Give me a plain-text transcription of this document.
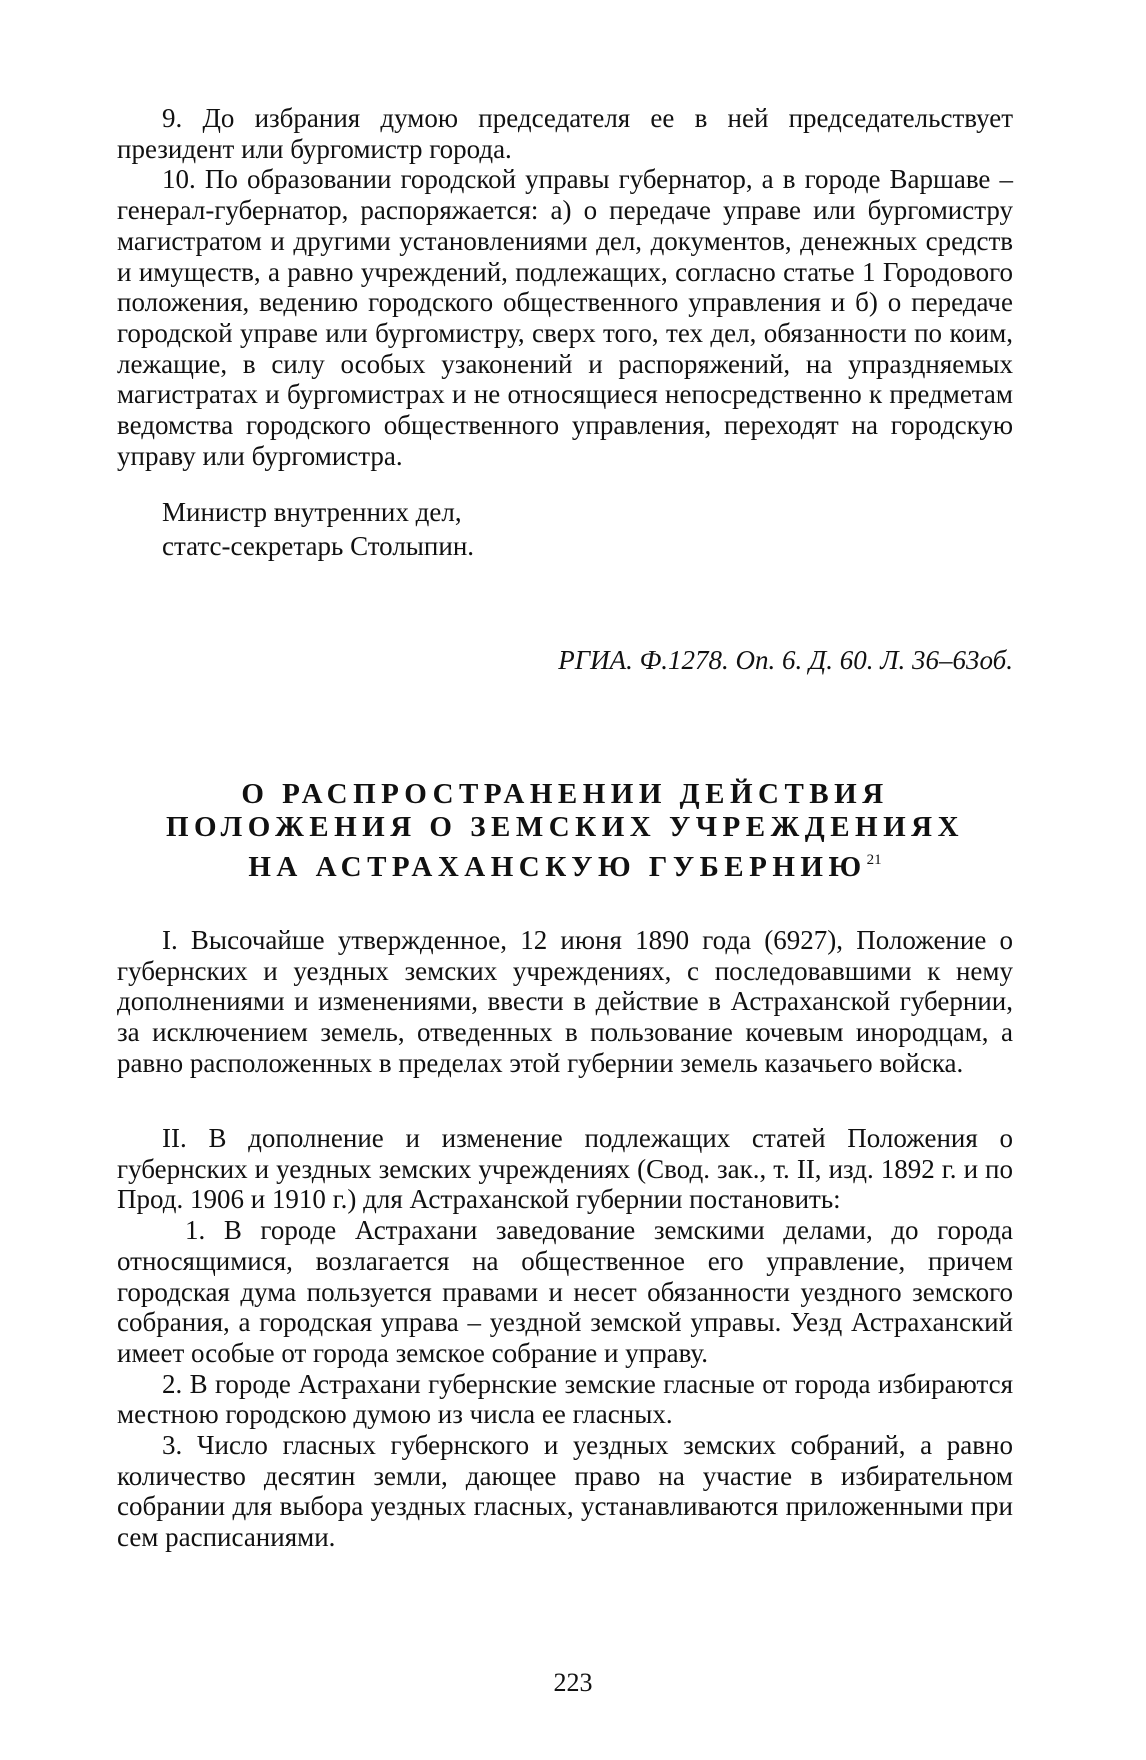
9. До избрания думою председателя ее в ней председательствует президент или бургомистр города.

10. По образовании городской управы губернатор, а в городе Варшаве – генерал-губернатор, распоряжается: а) о передаче управе или бургомистру магистратом и другими установлениями дел, документов, денежных средств и имуществ, а равно учреждений, подлежащих, согласно статье 1 Городового положения, ведению городского общественного управления и б) о передаче городской управе или бургомистру, сверх того, тех дел, обязанности по коим, лежащие, в силу особых узаконений и распоряжений, на упраздняемых магистратах и бургомистрах и не относящиеся непосредственно к предметам ведомства городского общественного управления, переходят на городскую управу или бургомистра.

Министр внутренних дел,

статс-секретарь Столыпин.

РГИА. Ф.1278. Оп. 6. Д. 60. Л. 36–63об.

О РАСПРОСТРАНЕНИИ ДЕЙСТВИЯ

ПОЛОЖЕНИЯ О ЗЕМСКИХ УЧРЕЖДЕНИЯХ

НА АСТРАХАНСКУЮ ГУБЕРНИЮ$^{21}$

I. Высочайше утвержденное, 12 июня 1890 года (6927), Положение о губернских и уездных земских учреждениях, с последовавшими к нему дополнениями и изменениями, ввести в действие в Астраханской губернии, за исключением земель, отведенных в пользование кочевым инородцам, а равно расположенных в пределах этой губернии земель казачьего войска.

II. В дополнение и изменение подлежащих статей Положения о губернских и уездных земских учреждениях (Свод. зак., т. II, изд. 1892 г. и по Прод. 1906 и 1910 г.) для Астраханской губернии постановить:

1. В городе Астрахани заведование земскими делами, до города относящимися, возлагается на общественное его управление, причем городская дума пользуется правами и несет обязанности уездного земского собрания, а городская управа – уездной земской управы. Уезд Астраханский имеет особые от города земское собрание и управу.

2. В городе Астрахани губернские земские гласные от города избираются местною городскою думою из числа ее гласных.

3. Число гласных губернского и уездных земских собраний, а равно количество десятин земли, дающее право на участие в избирательном собрании для выбора уездных гласных, устанавливаются приложенными при сем расписаниями.

223
